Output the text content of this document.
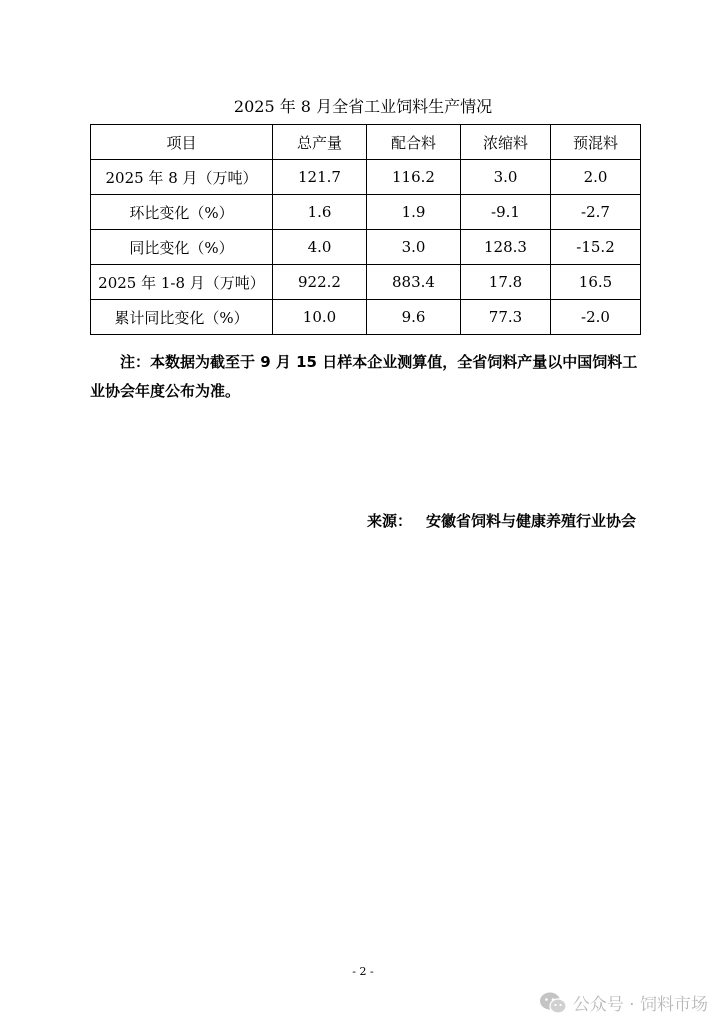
2025 年 8 月全省工业饲料生产情况
项目	总产量	配合料	浓缩料	预混料
2025 年 8 月（万吨）	121.7	116.2	3.0	2.0
环比变化（%）	1.6	1.9	-9.1	-2.7
同比变化（%）	4.0	3.0	128.3	-15.2
2025 年 1-8 月（万吨）	922.2	883.4	17.8	16.5
累计同比变化（%）	10.0	9.6	77.3	-2.0

注：本数据为截至于 9 月 15 日样本企业测算值，全省饲料产量以中国饲料工业协会年度公布为准。

来源： 安徽省饲料与健康养殖行业协会

- 2 -
公众号 · 饲料市场
